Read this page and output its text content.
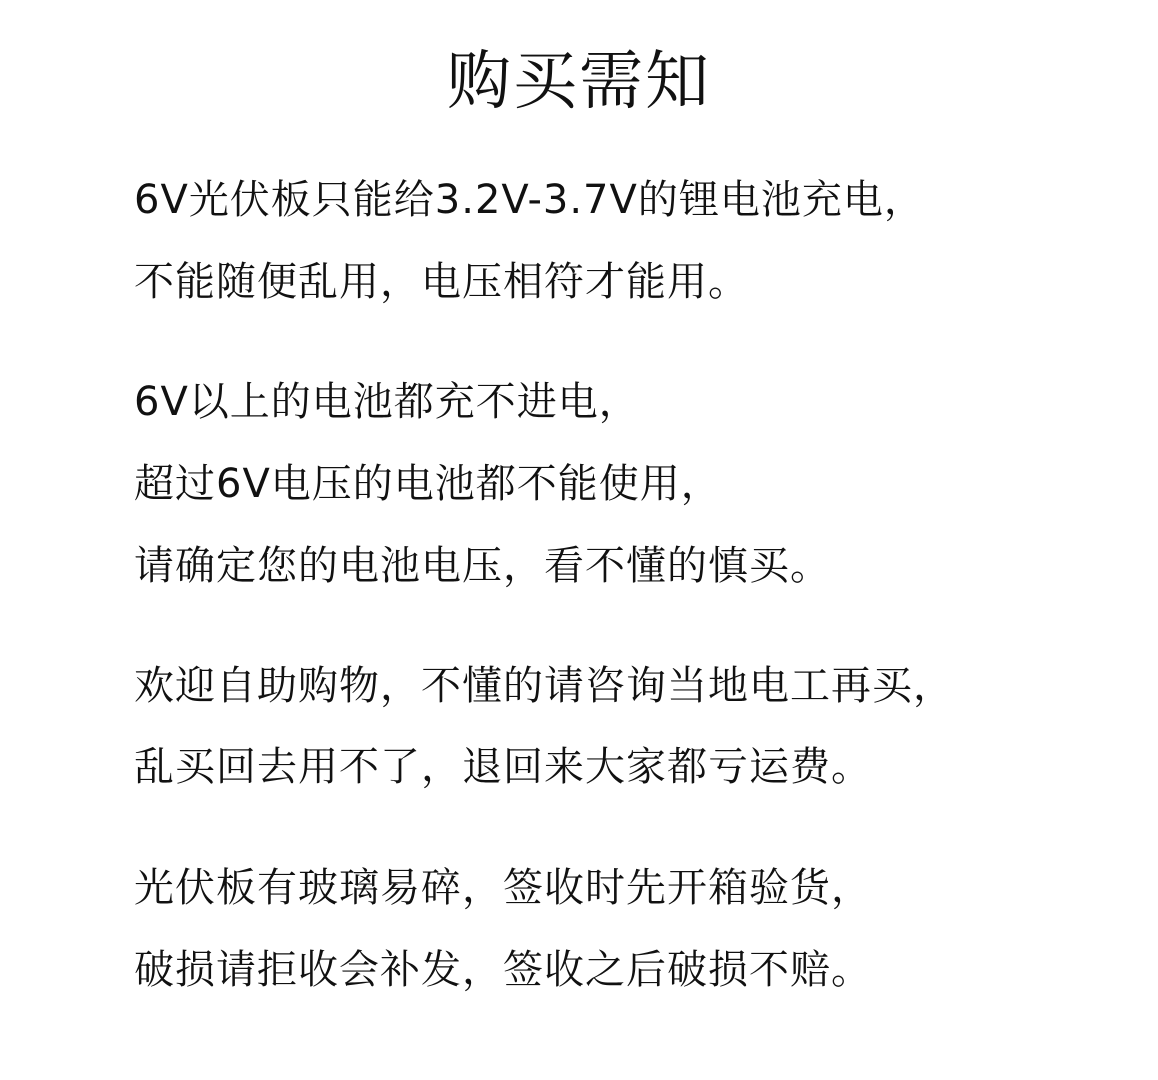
购买需知
6V光伏板只能给3.2V-3.7V的锂电池充电，
不能随便乱用，电压相符才能用。
6V以上的电池都充不进电，
超过6V电压的电池都不能使用，
请确定您的电池电压，看不懂的慎买。
欢迎自助购物，不懂的请咨询当地电工再买，
乱买回去用不了，退回来大家都亏运费。
光伏板有玻璃易碎，签收时先开箱验货，
破损请拒收会补发，签收之后破损不赔。
